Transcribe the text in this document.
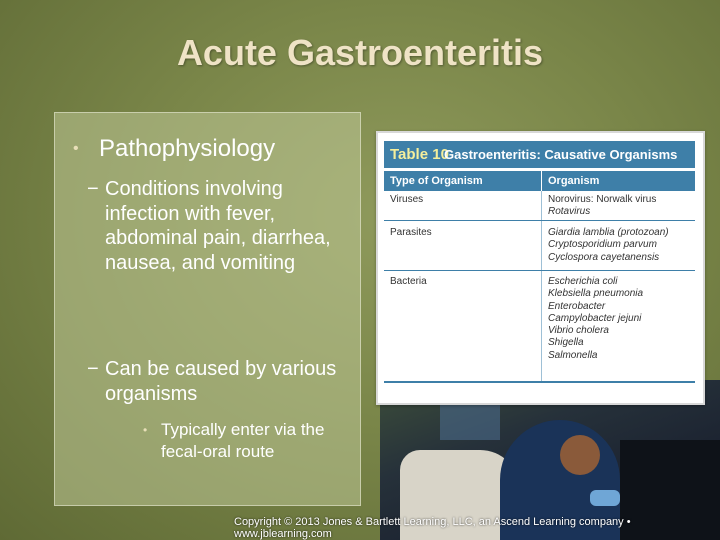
Acute Gastroenteritis
• Pathophysiology
− Conditions involving infection with fever, abdominal pain, diarrhea, nausea, and vomiting
− Can be caused by various organisms
• Typically enter via the fecal-oral route
Table 10
Gastroenteritis: Causative Organisms
Type of Organism	Organism
Viruses	Norovirus: Norwalk virus
Rotavirus
Parasites	Giardia lamblia (protozoan)
Cryptosporidium parvum
Cyclospora cayetanensis
Bacteria	Escherichia coli
Klebsiella pneumonia
Enterobacter
Campylobacter jejuni
Vibrio cholera
Shigella
Salmonella
Copyright © 2013 Jones & Bartlett Learning, LLC, an Ascend Learning company • www.jblearning.com
